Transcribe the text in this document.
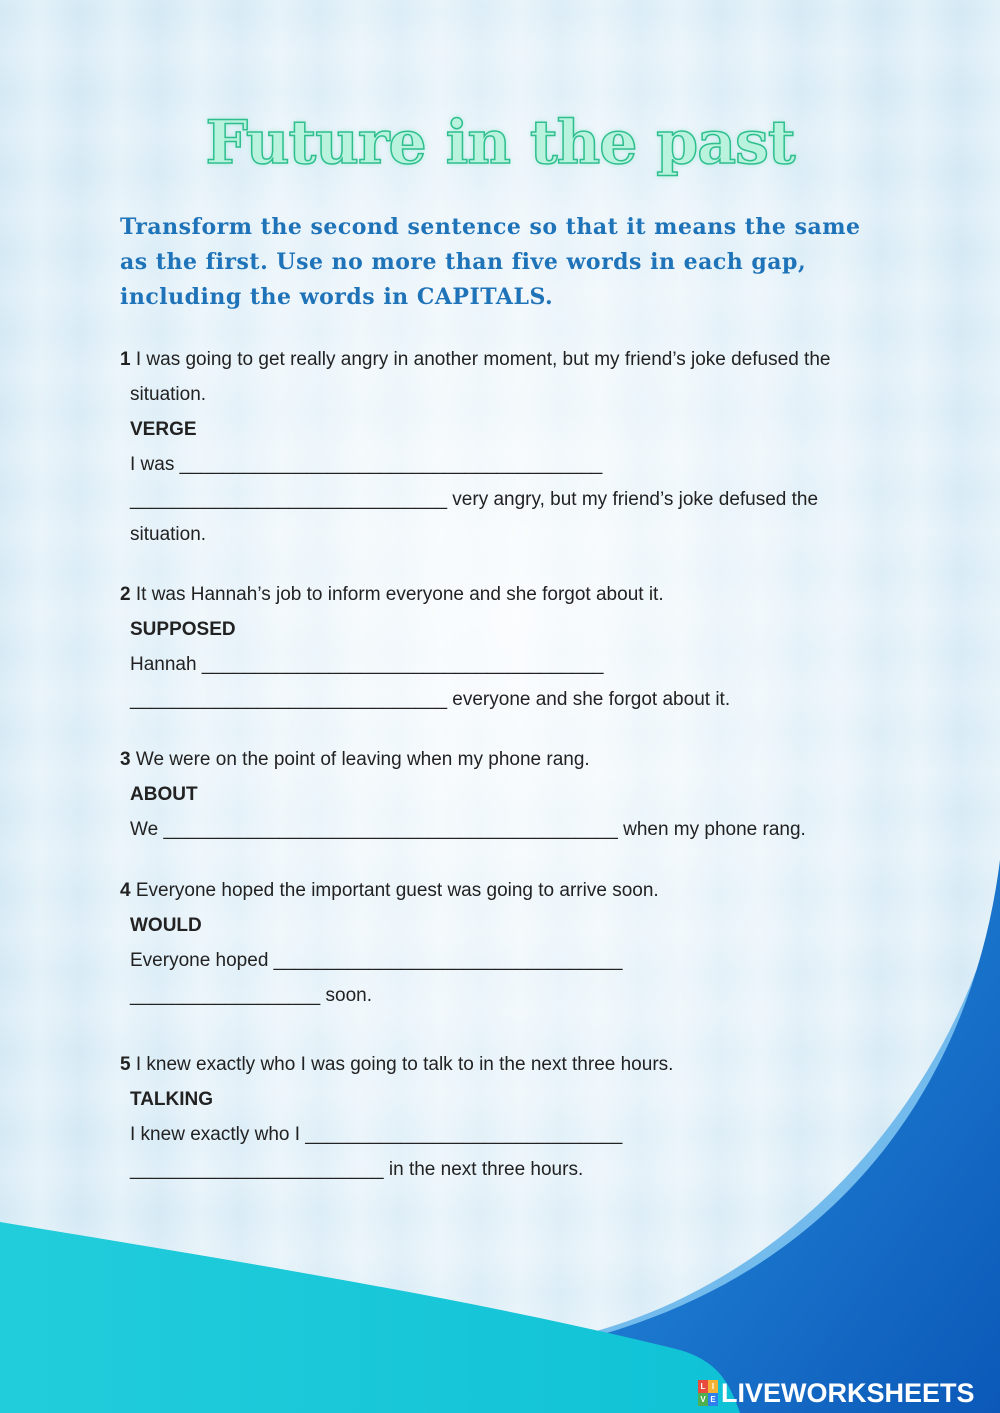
Future in the past
Transform the second sentence so that it means the same as the first. Use no more than five words in each gap, including the words in CAPITALS.
1 I was going to get really angry in another moment, but my friend’s joke defused the
situation.
VERGE
I was ________________________________________
______________________________ very angry, but my friend’s joke defused the
situation.
2 It was Hannah’s job to inform everyone and she forgot about it.
SUPPOSED
Hannah ______________________________________
______________________________ everyone and she forgot about it.
3 We were on the point of leaving when my phone rang.
ABOUT
We ___________________________________________ when my phone rang.
4 Everyone hoped the important guest was going to arrive soon.
WOULD
Everyone hoped _________________________________
__________________ soon.
5 I knew exactly who I was going to talk to in the next three hours.
TALKING
I knew exactly who I ______________________________
________________________ in the next three hours.
L I
V E LIVEWORKSHEETS
